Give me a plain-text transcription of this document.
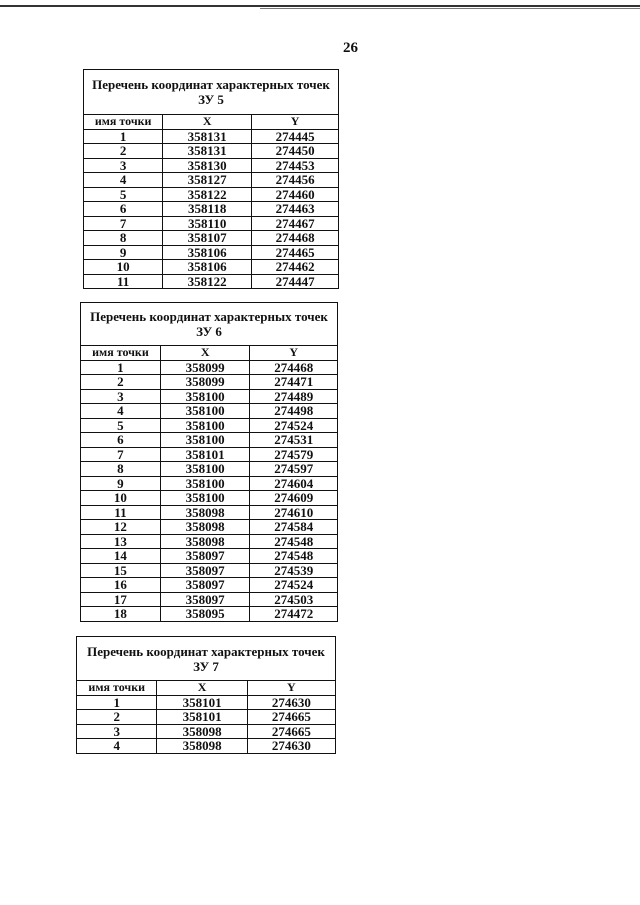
26
Перечень координат характерных точек
ЗУ 5
имя точки	X	Y
1	358131	274445
2	358131	274450
3	358130	274453
4	358127	274456
5	358122	274460
6	358118	274463
7	358110	274467
8	358107	274468
9	358106	274465
10	358106	274462
11	358122	274447
Перечень координат характерных точек
ЗУ 6
имя точки	X	Y
1	358099	274468
2	358099	274471
3	358100	274489
4	358100	274498
5	358100	274524
6	358100	274531
7	358101	274579
8	358100	274597
9	358100	274604
10	358100	274609
11	358098	274610
12	358098	274584
13	358098	274548
14	358097	274548
15	358097	274539
16	358097	274524
17	358097	274503
18	358095	274472
Перечень координат характерных точек
ЗУ 7
имя точки	X	Y
1	358101	274630
2	358101	274665
3	358098	274665
4	358098	274630
